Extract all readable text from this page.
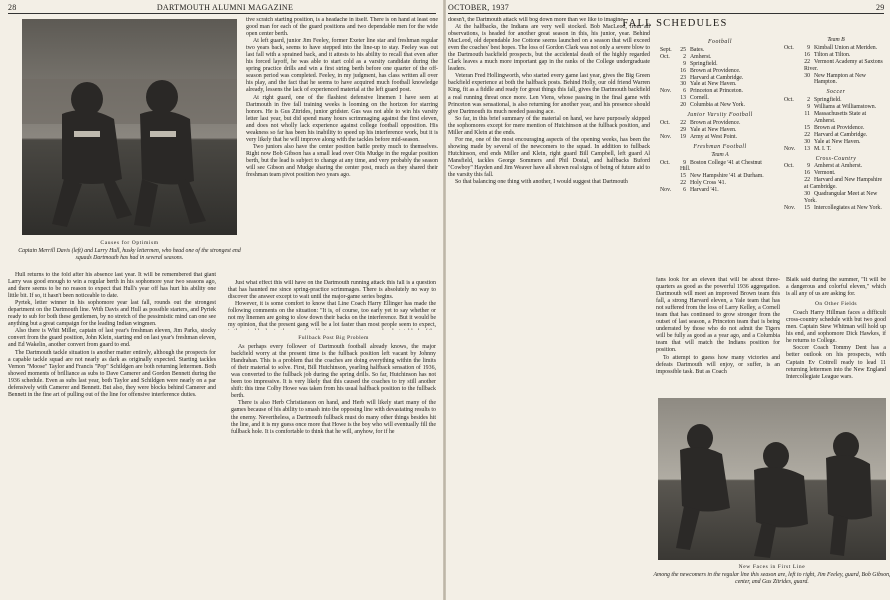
28	DARTMOUTH ALUMNI MAGAZINE
Causes for Optimism
Captain Merrill Davis (left) and Larry Hull, husky lettermen, who head one of the strongest end squads Dartmouth has had in several seasons.

tive scratch starting position, is a headache in itself. There is on hand at least one good man for each of the guard positions and two dependable men for the wide open center berth.

At left guard, junior Jim Feeley, former Exeter line star and freshman regular two years back, seems to have stepped into the line-up to stay. Feeley was out last fall with a sprained back, and it attests to his ability to recall that even after his forced layoff, he was able to start cold as a varsity candidate during the spring practice drills and win a first string berth before one quarter of the off-season period was completed. Feeley, in my judgment, has class written all over his play, and the fact that he seems to have acquired much football knowledge already, lessens the lack of experienced material at the left guard post.

At right guard, one of the flashiest defensive linemen I have seen at Dartmouth in five fall training weeks is looming on the horizon for starring honors. He is Gus Zitrides, junior gridster. Gus was not able to win his varsity letter last year, but did spend many hours scrimmaging against the first eleven, and does not wholly lack experience against college football opposition. His weakness so far has been his inability to speed up his interference work, but it is very likely that he will improve along with the tackles before mid-season.

Two juniors also have the center position battle pretty much to themselves. Right now Bob Gibson has a small lead over Otis Mudge in the regular position berth, but the lead is subject to change at any time, and very probably the season will see Gibson and Mudge sharing the center post, much as they shared their freshman team pivot position two years ago.

Hull returns to the fold after his absence last year. It will be remembered that giant Larry was good enough to win a regular berth in his sophomore year two seasons ago, and there seems to be no reason to expect that Hull's year off has hurt his ability one little bit. If so, it hasn't been noticeable to date.

Pyrtek, letter winner in his sophomore year last fall, rounds out the strongest department on the Dartmouth line. With Davis and Hull as possible starters, and Pyrtek ready to sub for both these gentlemen, by no stretch of the pessimistic mind can one see anything but a great campaign for the leading Indian wingmen.

Also there is Whit Miller, captain of last year's freshman eleven, Jim Parks, stocky convert from the guard position, John Klein, starting end on last year's freshman eleven, and Ed Wakelin, another convert from guard to end.

The Dartmouth tackle situation is another matter entirely, although the prospects for a capable tackle squad are not nearly as dark as originally expected. Starting tackles Vernon "Moose" Taylor and Francis "Pop" Schildgen are both returning lettermen. Both showed moments of brilliance as subs to Dave Camerer and Gordon Bennett during the 1936 schedule. Even as subs last year, both Taylor and Schildgen were nearly on a par defensively with Camerer and Bennett. But also, they were blocks behind Camerer and Bennett in the fine art of pulling out of the line for offensive interference duties.

Just what effect this will have on the Dartmouth running attack this fall is a question that has haunted me since spring-practice scrimmages. There is absolutely no way to discover the answer except to wait until the major-game series begins.

However, it is some comfort to know that Line Coach Harry Ellinger has made the following comments on the situation: "It is, of course, too early yet to say whether or not my linemen are going to slow down their backs on the interference. But it would be my opinion, that the present gang will be a lot faster than most people seem to expect,

OCTOBER, 1937	29

doesn't, the Dartmouth attack will bog down more than we like to imagine.

At the halfbacks, the Indians are very well stocked. Bob MacLeod, from all observations, is headed for another great season in this, his junior, year. Behind MacLeod, old dependable Joe Cottone seems launched on a season that will exceed even the coaches' best hopes. The loss of Gordon Clark was not only a severe blow to the Dartmouth backfield prospects, but the accidental death of the highly regarded Clark leaves a much more important gap in the ranks of the College undergraduate leaders.

Veteran Fred Hollingworth, who started every game last year, gives the Big Green backfield experience at both the halfback posts. Behind Holly, our old friend Warren King, fit as a fiddle and ready for great things this fall, gives the Dartmouth backfield a real running threat once more. Len Viens, whose passing in the final game with Princeton was sensational, is also returning for another year, and his presence should give Dartmouth its much needed passing ace.

So far, in this brief summary of the material on hand, we have purposely skipped the sophomores except for mere mention of Hutchinson at the fullback position, and Miller and Klein at the ends.

For me, one of the most encouraging aspects of the opening weeks, has been the showing made by several of the newcomers to the squad. In addition to fullback Hutchinson, end ends Miller and Klein, right guard Bill Campbell, left guard Al Mansfield, tackles George Sommers and Phil Dostal, and halfbacks Buford "Cowboy" Hayden and Jim Weaver have all shown real signs of being of future aid to the varsity this fall.

So that balancing one thing with another, I would suggest that Dartmouth

Fullback Post Big Problem

As perhaps every follower of Dartmouth football already knows, the major backfield worry at the present time is the fullback position left vacant by Johnny Handrahan. This is a problem that the coaches are doing everything within the limits of their material to solve. First, Bill Hutchinson, yearling halfback sensation of 1936, was converted to the fullback job during the spring drills. So far, Hutchinson has not been too impressive. It is very likely that this caused the coaches to try still another shift: this time Colby Howe was taken from his usual halfback position to the fullback berth.

There is also Herb Christianson on hand, and Herb will likely start many of the games because of his ability to smash into the opposing line with devastating results to the enemy. Nevertheless, a Dartmouth fullback must do many other things besides hit the line, and it is my guess once more that Howe is the boy who will eventually fill the fullback hole. It is comfortable to think that he will, anyhow, for if he

fans look for an eleven that will be about three-quarters as good as the powerful 1936 aggregation. Dartmouth will meet an improved Brown team this fall, a strong Harvard eleven, a Yale team that has not suffered from the loss of Larry Kelley, a Cornell team that has continued to grow stronger from the outset of last season, a Princeton team that is being underrated by those who do not admit the Tigers will be fully as good as a year ago, and a Columbia team that will match the Indians position for position.

To attempt to guess how many victories and defeats Dartmouth will enjoy, or suffer, is an impossible task. But as Coach

Blaik said during the summer, "It will be a dangerous and colorful eleven," which is all any of us are asking for.

On Other Fields

Coach Harry Hillman faces a difficult cross-country schedule with but two good men. Captain Stew Whitman will hold up his end, and sophomore Dick Hawkes, if he returns to College.

Soccer Coach Tommy Dent has a better outlook on his prospects, with Captain Ev Cottrell ready to lead 11 returning lettermen into the New England Intercollegiate League wars.

FALL SCHEDULES
Football
Sept.	25 Bates.
Oct.	2 Amherst.
9 Springfield.
16 Brown at Providence.
23 Harvard at Cambridge.
30 Yale at New Haven.
Nov.	6 Princeton at Princeton.
13 Cornell.
20 Columbia at New York.
Junior Varsity Football
Oct.	22 Brown at Providence.
29 Yale at New Haven.
Nov.	19 Army at West Point.
Freshman Football
Team A
Oct.	9 Boston College '41 at Chestnut
Hill.
15 New Hampshire '41 at Durham.
22 Holy Cross '41.
Nov.	6 Harvard '41.
Team B
Oct.	9 Kimball Union at Meriden.
16 Tilton at Tilton.
22 Vermont Academy at Saxtons
River.
30 New Hampton at New Hampton.
Soccer
Oct.	2 Springfield.
9 Williams at Williamstown.
11 Massachusetts State at Amherst.
15 Brown at Providence.
22 Harvard at Cambridge.
30 Yale at New Haven.
Nov.	13 M. I. T.
Cross-Country
Oct.	9 Amherst at Amherst.
16 Vermont.
22 Harvard and New Hampshire
at Cambridge.
30 Quadrangular Meet at New
York.
Nov.	15 Intercollegiates at New York.
New Faces in First Line
Among the newcomers in the regular line this season are, left to right, Jim Feeley, guard, Bob Gibson, center, and Gus Zitrides, guard.
